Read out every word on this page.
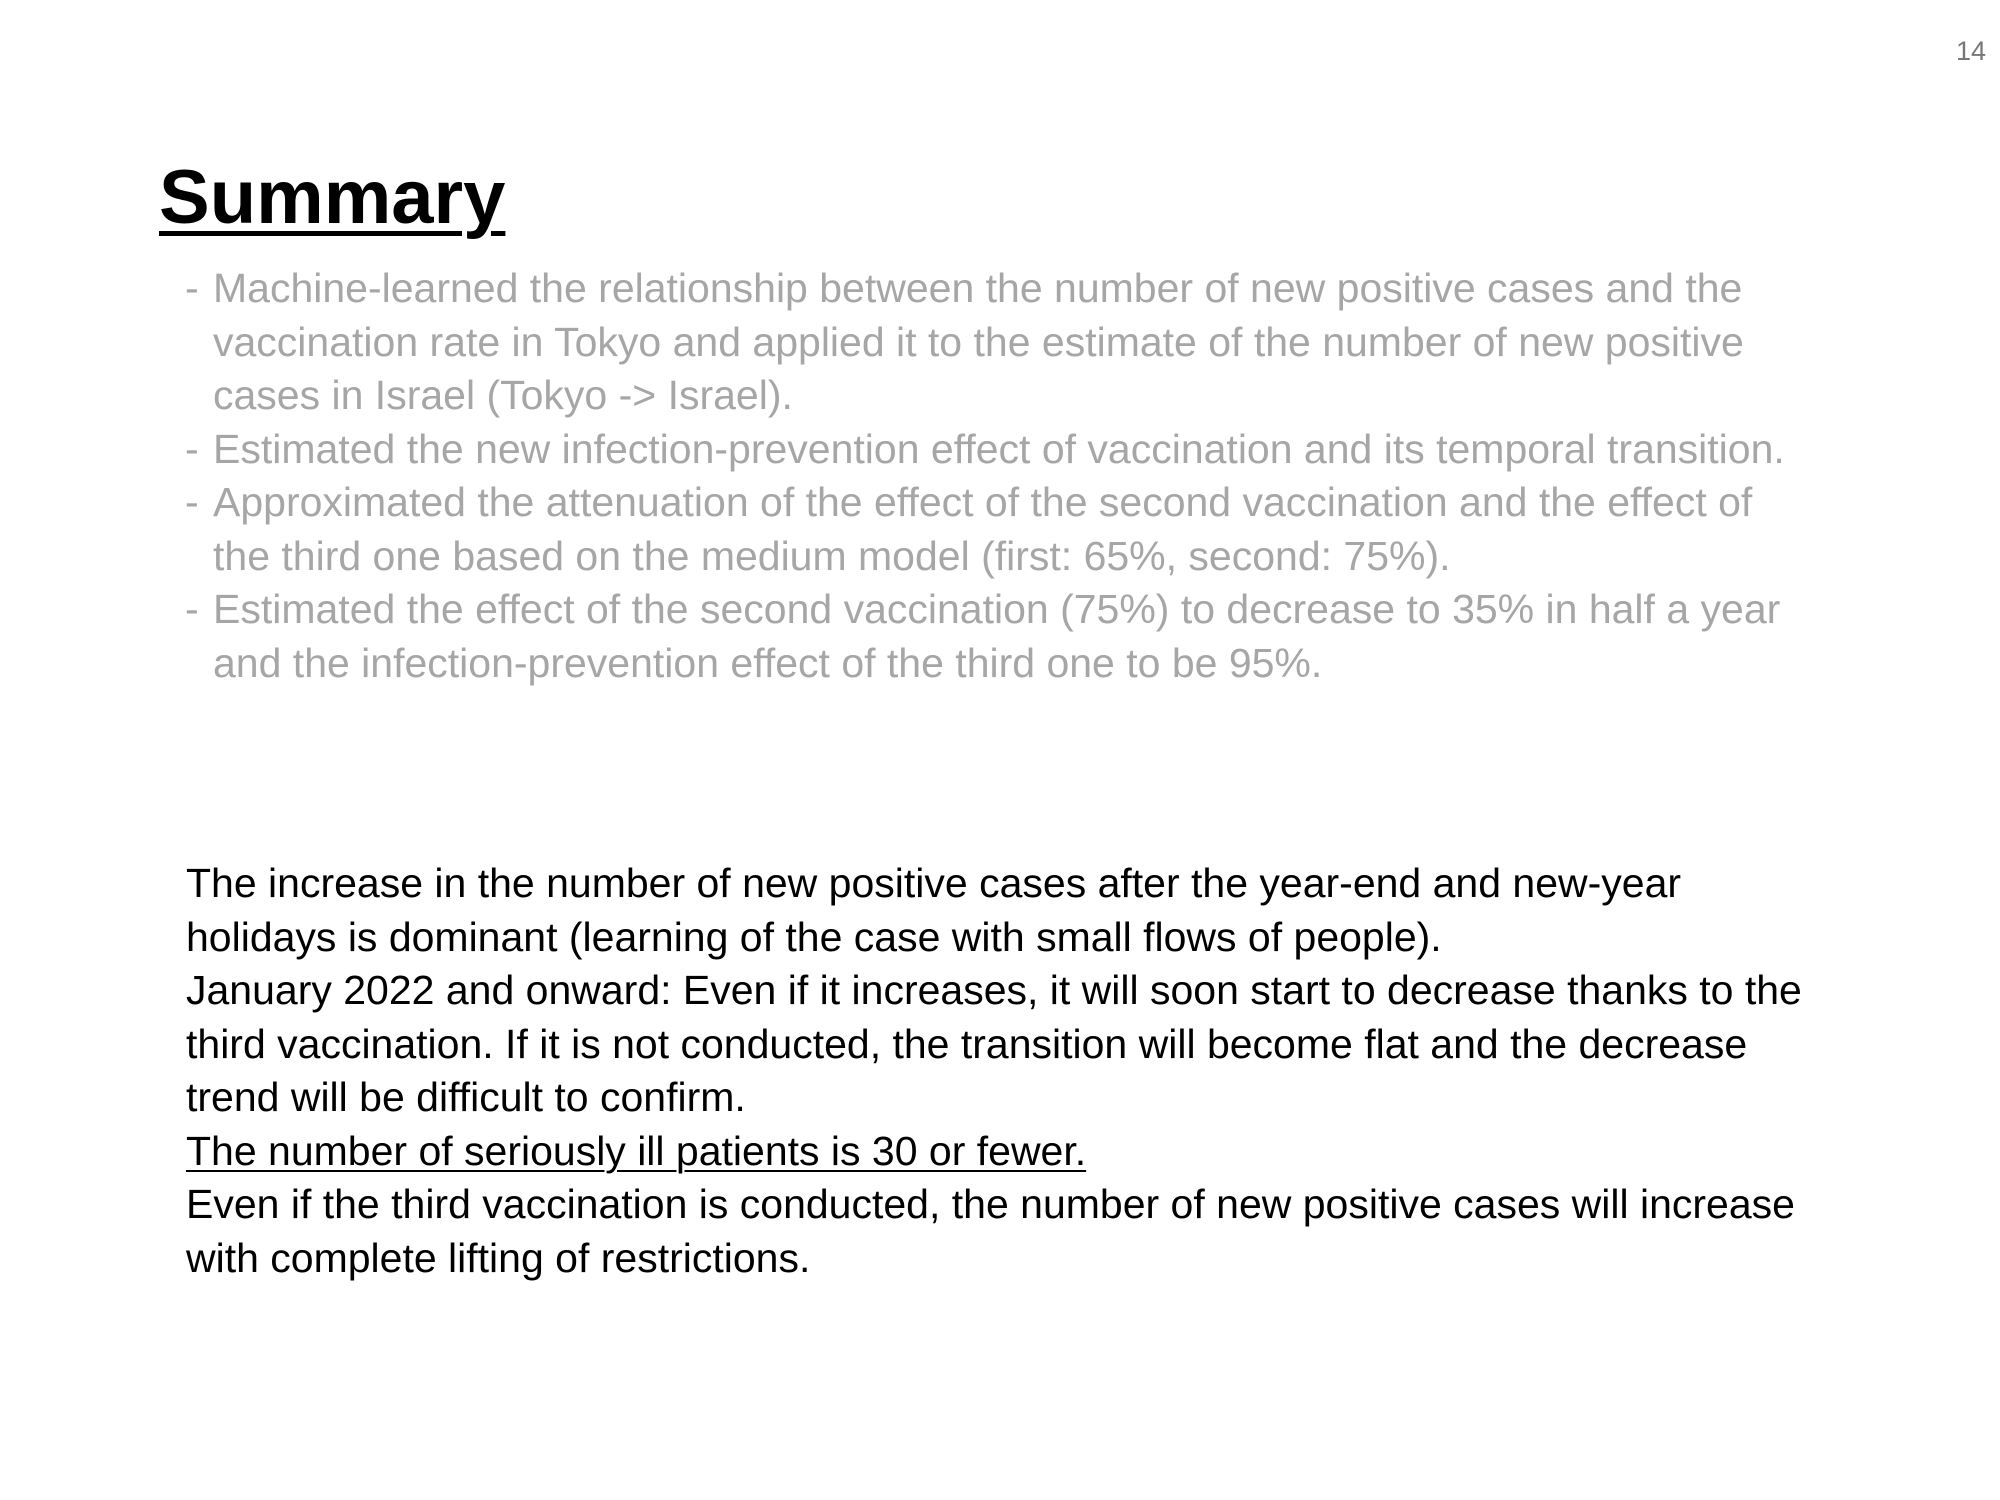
14
Summary
- Machine-learned the relationship between the number of new positive cases and the vaccination rate in Tokyo and applied it to the estimate of the number of new positive cases in Israel (Tokyo -> Israel).
- Estimated the new infection-prevention effect of vaccination and its temporal transition.
- Approximated the attenuation of the effect of the second vaccination and the effect of the third one based on the medium model (first: 65%, second: 75%).
- Estimated the effect of the second vaccination (75%) to decrease to 35% in half a year and the infection-prevention effect of the third one to be 95%.

The increase in the number of new positive cases after the year-end and new-year holidays is dominant (learning of the case with small flows of people).

January 2022 and onward: Even if it increases, it will soon start to decrease thanks to the third vaccination. If it is not conducted, the transition will become flat and the decrease trend will be difficult to confirm.

The number of seriously ill patients is 30 or fewer.

Even if the third vaccination is conducted, the number of new positive cases will increase with complete lifting of restrictions.
